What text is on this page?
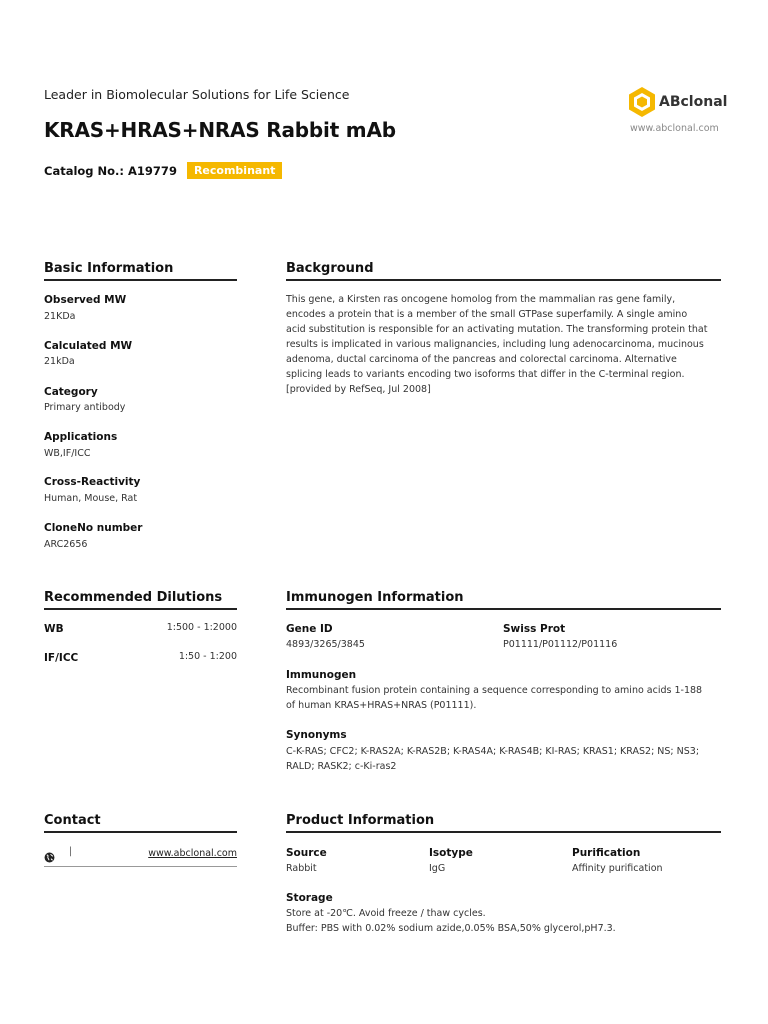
Leader in Biomolecular Solutions for Life Science
KRAS+HRAS+NRAS Rabbit mAb
Catalog No.: A19779	Recombinant
ABclonal
www.abclonal.com
Basic Information
Observed MW
21KDa
Calculated MW
21kDa
Category
Primary antibody
Applications
WB,IF/ICC
Cross-Reactivity
Human, Mouse, Rat
CloneNo number
ARC2656
Background
This gene, a Kirsten ras oncogene homolog from the mammalian ras gene family,
encodes a protein that is a member of the small GTPase superfamily. A single amino
acid substitution is responsible for an activating mutation. The transforming protein that
results is implicated in various malignancies, including lung adenocarcinoma, mucinous
adenoma, ductal carcinoma of the pancreas and colorectal carcinoma. Alternative
splicing leads to variants encoding two isoforms that differ in the C-terminal region.
[provided by RefSeq, Jul 2008]
Recommended Dilutions
WB	1:500 - 1:2000
IF/ICC	1:50 - 1:200
Immunogen Information
Gene ID
4893/3265/3845
Swiss Prot
P01111/P01112/P01116
Immunogen
Recombinant fusion protein containing a sequence corresponding to amino acids 1-188
of human KRAS+HRAS+NRAS (P01111).
Synonyms
C-K-RAS; CFC2; K-RAS2A; K-RAS2B; K-RAS4A; K-RAS4B; KI-RAS; KRAS1; KRAS2; NS; NS3;
RALD; RASK2; c-Ki-ras2
Contact
|	www.abclonal.com
Product Information
Source
Rabbit
Isotype
IgG
Purification
Affinity purification
Storage
Store at -20℃. Avoid freeze / thaw cycles.
Buffer: PBS with 0.02% sodium azide,0.05% BSA,50% glycerol,pH7.3.
